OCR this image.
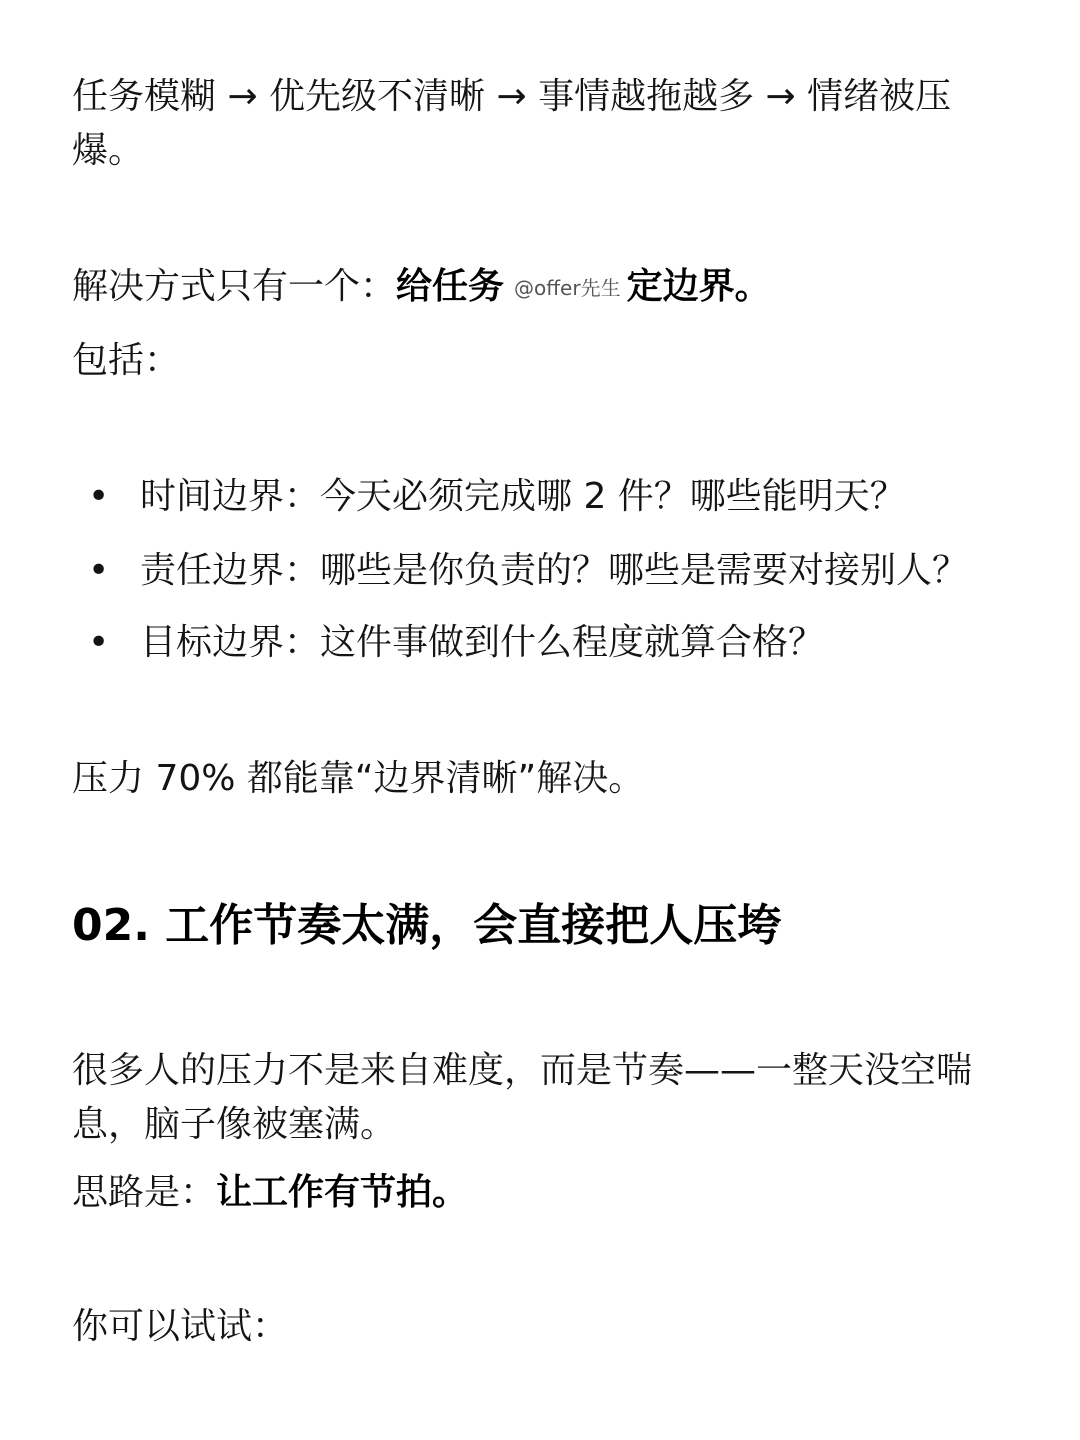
任务模糊 → 优先级不清晰 → 事情越拖越多 → 情绪被压
爆。
解决方式只有一个：给任务 @offer先生 定边界。
包括：
• 时间边界：今天必须完成哪 2 件？哪些能明天？
• 责任边界：哪些是你负责的？哪些是需要对接别人？
• 目标边界：这件事做到什么程度就算合格？
压力 70% 都能靠“边界清晰”解决。
02. 工作节奏太满，会直接把人压垮
很多人的压力不是来自难度，而是节奏——一整天没空喘
息，脑子像被塞满。
思路是：让工作有节拍。
你可以试试：
